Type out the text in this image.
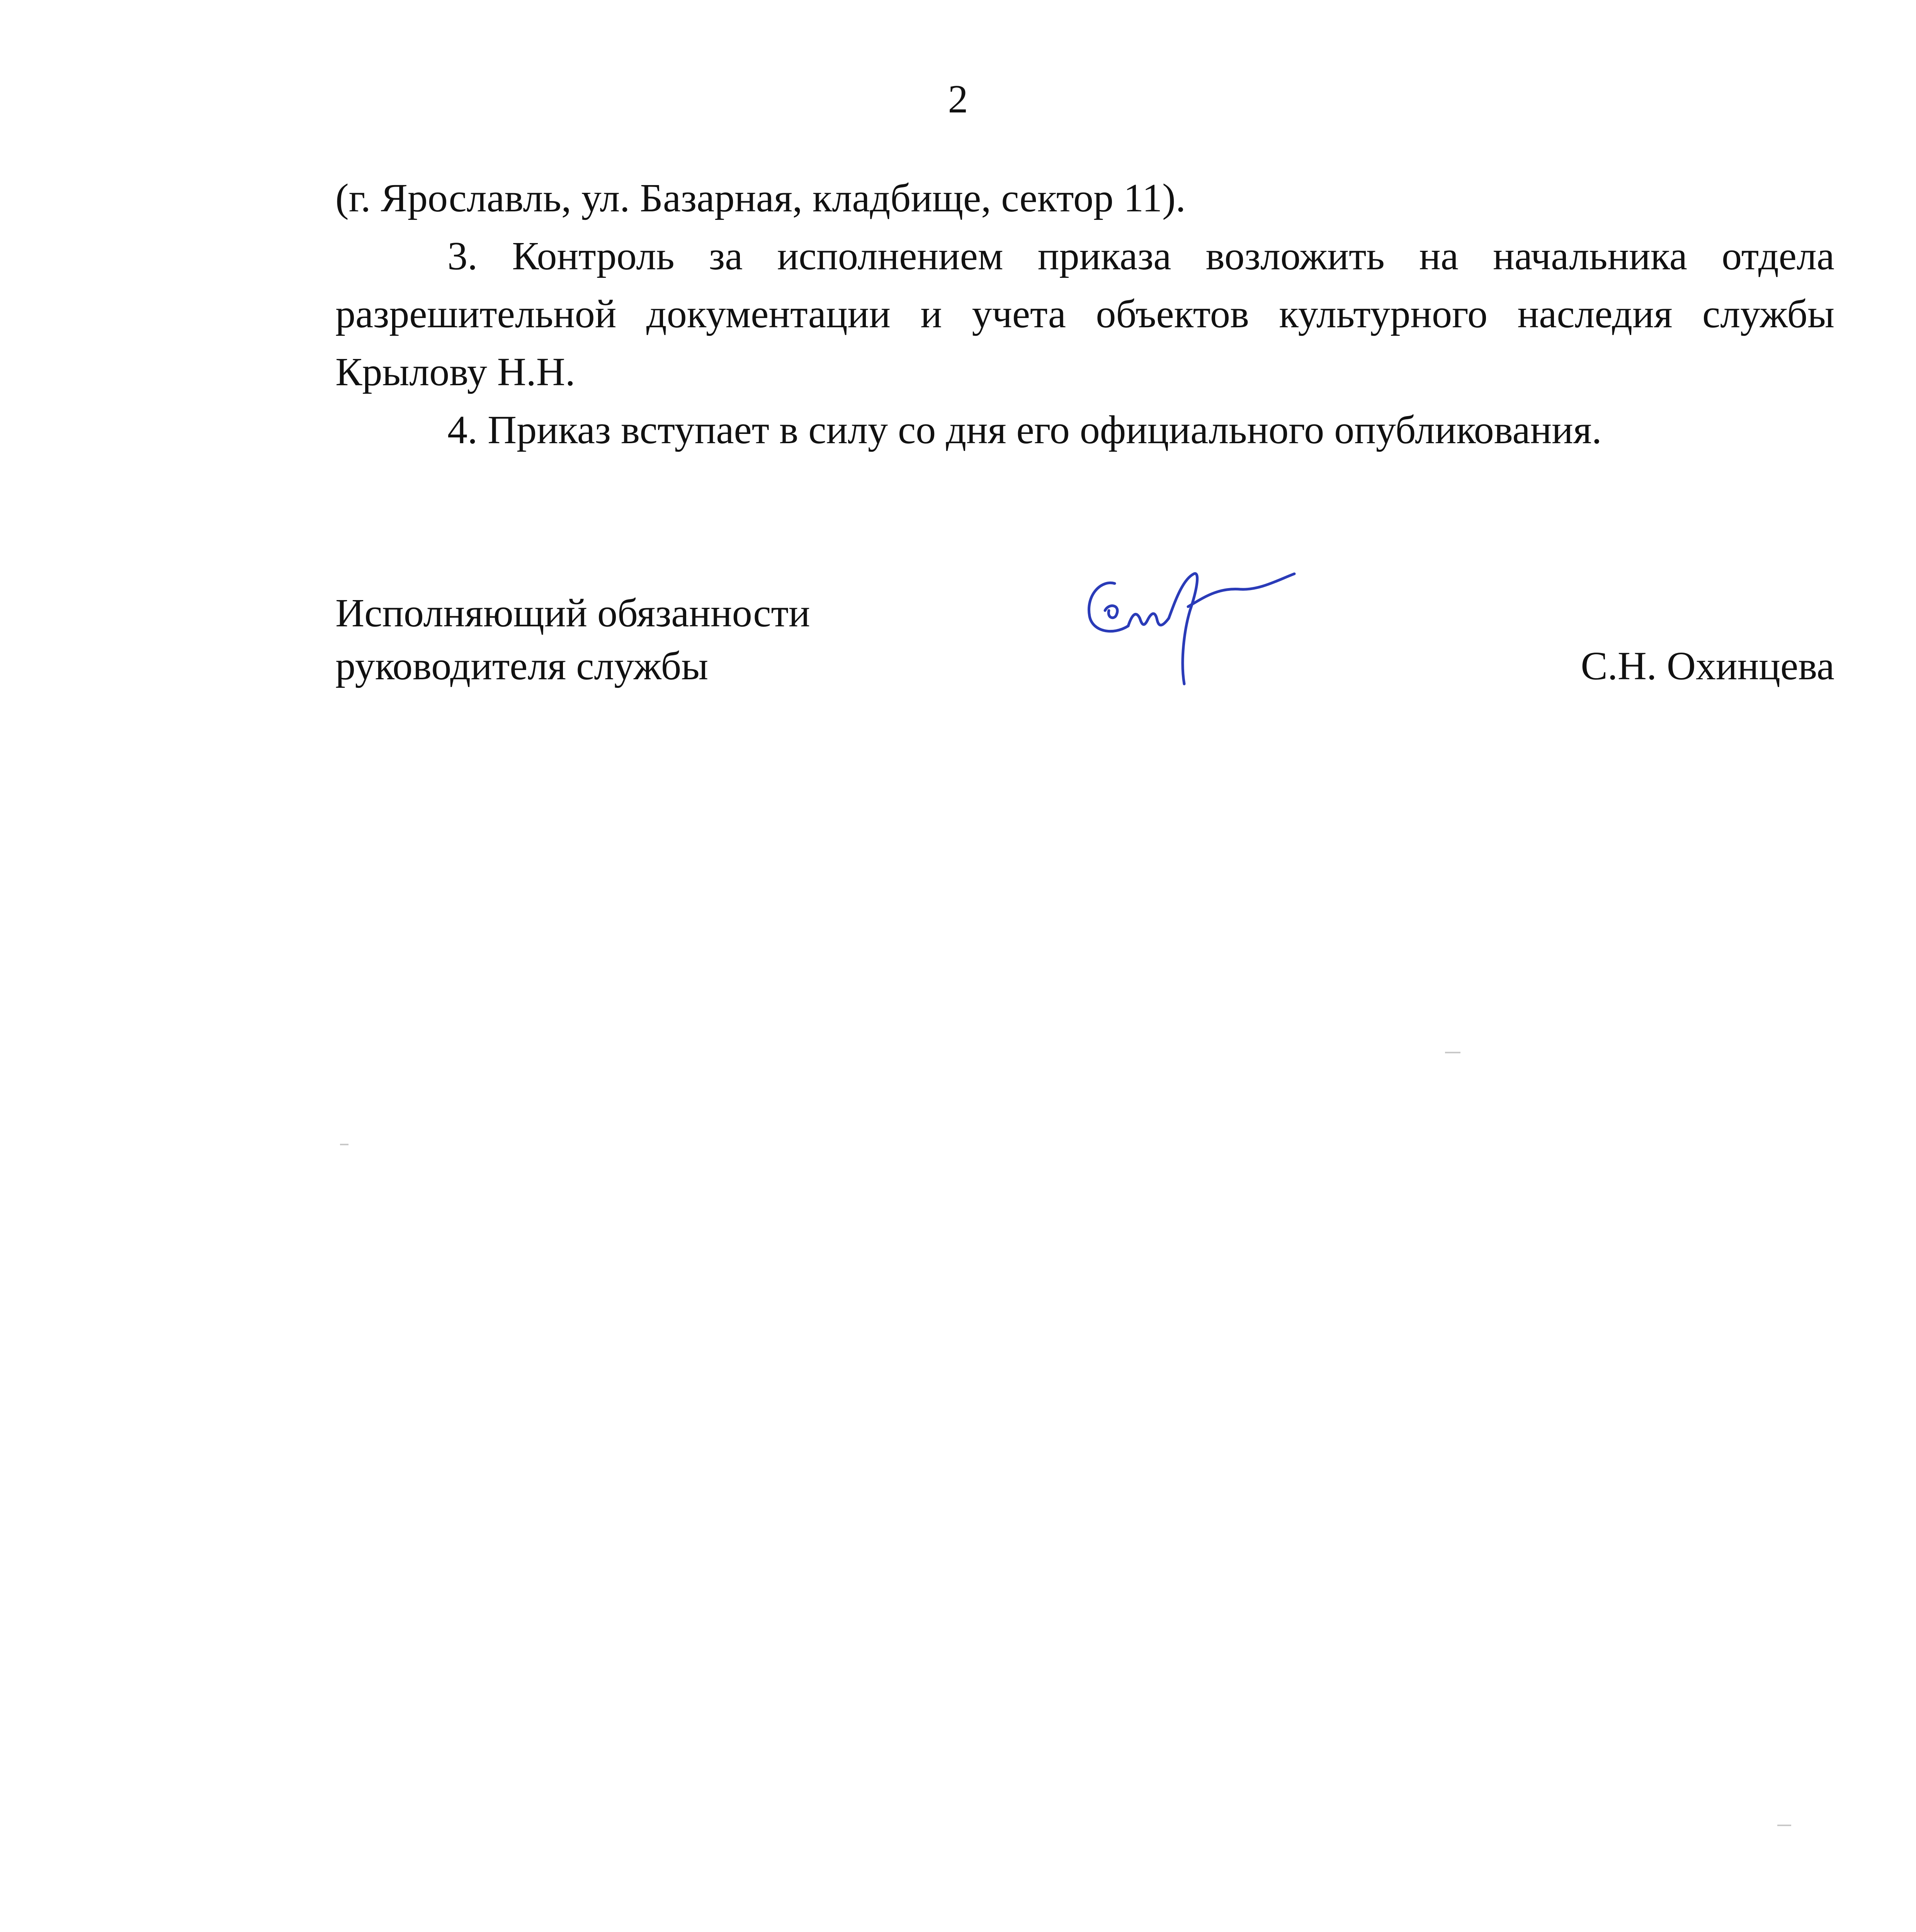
2

(г. Ярославль, ул. Базарная, кладбище, сектор 11).

3. Контроль за исполнением приказа возложить на начальника отдела разрешительной документации и учета объектов культурного наследия службы Крылову Н.Н.

4. Приказ вступает в силу со дня его официального опубликования.

Исполняющий обязанности
руководителя службы	С.Н. Охинцева
